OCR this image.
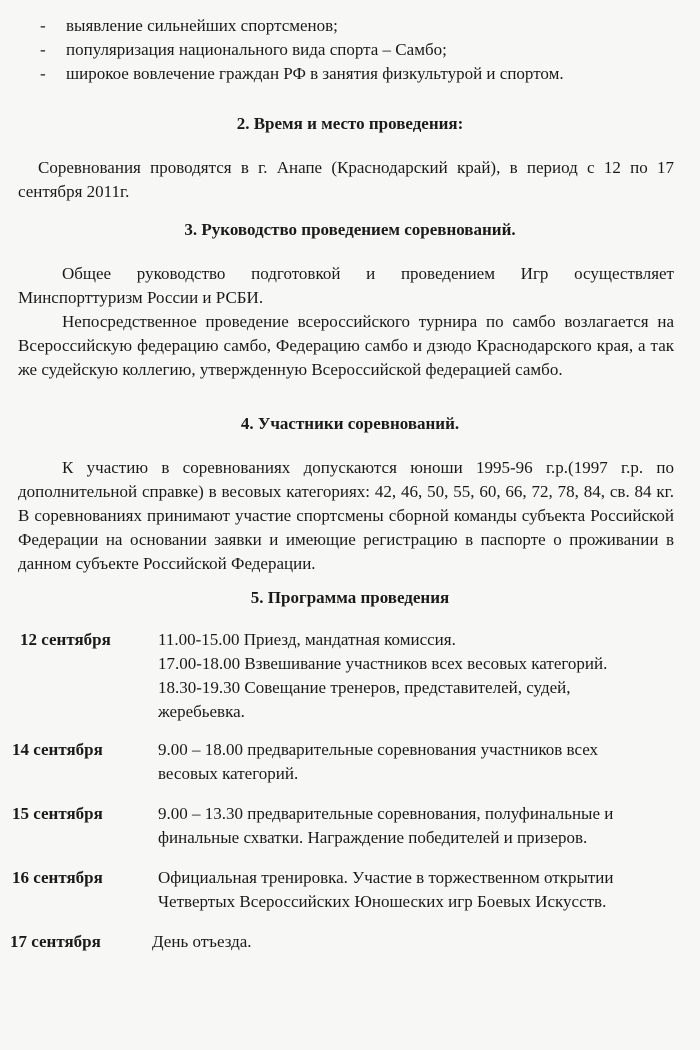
- выявление сильнейших спортсменов;
- популяризация национального вида спорта – Самбо;
- широкое вовлечение граждан РФ в занятия физкультурой и спортом.
2. Время и место проведения:

Соревнования проводятся в г. Анапе (Краснодарский край), в период с 12 по 17 сентября 2011г.

3. Руководство проведением соревнований.

Общее руководство подготовкой и проведением Игр осуществляет Минспорттуризм России и РСБИ.

Непосредственное проведение всероссийского турнира по самбо возлагается на Всероссийскую федерацию самбо, Федерацию самбо и дзюдо Краснодарского края, а так же судейскую коллегию, утвержденную Всероссийской федерацией самбо.

4. Участники соревнований.

К участию в соревнованиях допускаются юноши 1995-96 г.р.(1997 г.р. по дополнительной справке) в весовых категориях: 42, 46, 50, 55, 60, 66, 72, 78, 84, св. 84 кг. В соревнованиях принимают участие спортсмены сборной команды субъекта Российской Федерации на основании заявки и имеющие регистрацию в паспорте о проживании в данном субъекте Российской Федерации.

5. Программа проведения
12 сентября	11.00-15.00 Приезд, мандатная комиссия.
17.00-18.00 Взвешивание участников всех весовых категорий.
18.30-19.30 Совещание тренеров, представителей, судей,
жеребьевка.
14 сентября	9.00 – 18.00 предварительные соревнования участников всех
весовых категорий.
15 сентября	9.00 – 13.30 предварительные соревнования, полуфинальные и
финальные схватки. Награждение победителей и призеров.
16 сентября	Официальная тренировка. Участие в торжественном открытии
Четвертых Всероссийских Юношеских игр Боевых Искусств.
17 сентября	День отъезда.
